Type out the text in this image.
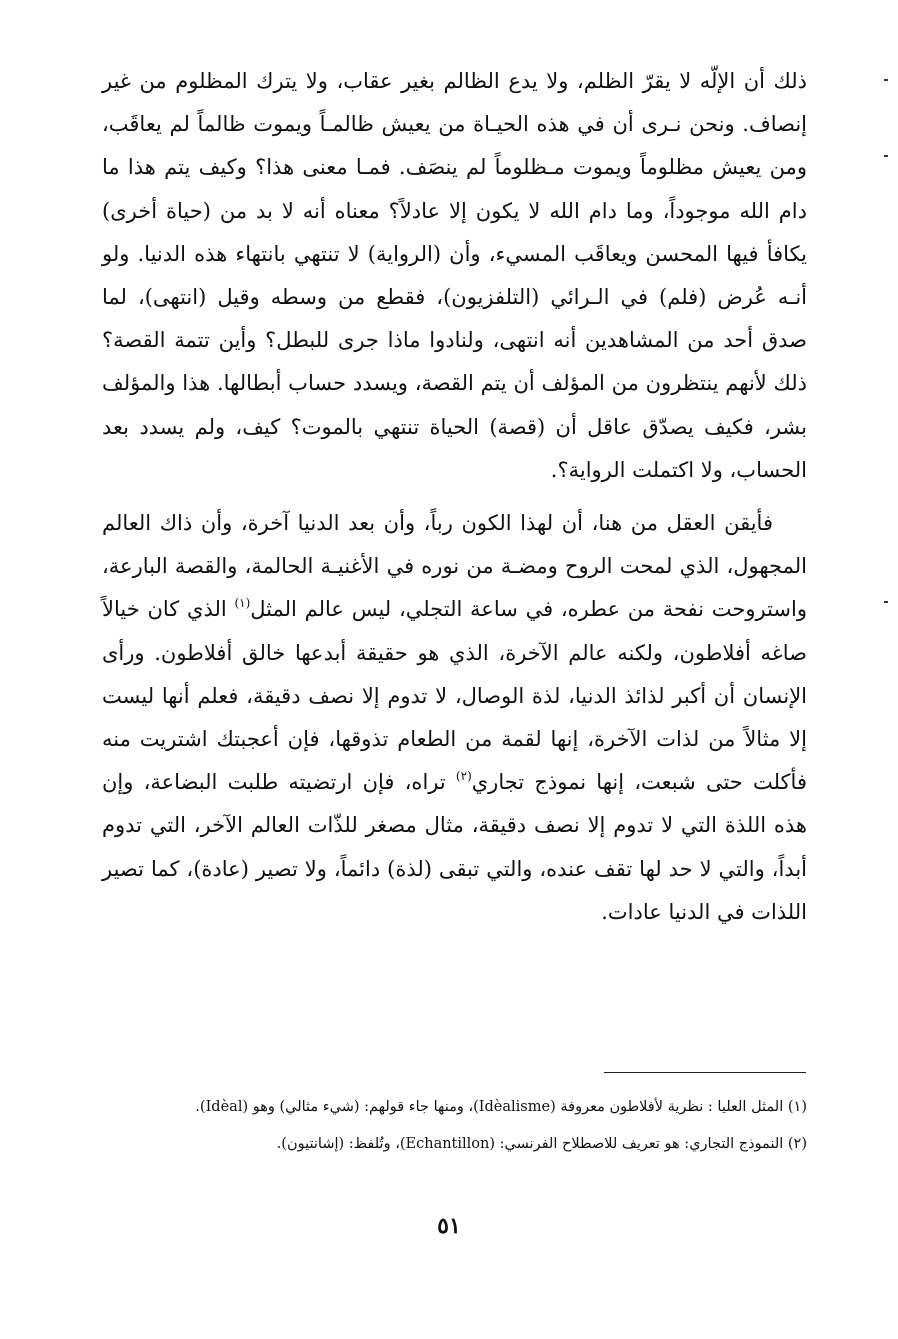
ذلك أن الإلّه لا يقرّ الظلم، ولا يدع الظالم بغير عقاب، ولا يترك المظلوم من غير إنصاف. ونحن نـرى أن في هذه الحيـاة من يعيش ظالمـاً ويموت ظالماً لم يعاقَب، ومن يعيش مظلوماً ويموت مـظلوماً لم ينصَف. فمـا معنى هذا؟ وكيف يتم هذا ما دام الله موجوداً، وما دام الله لا يكون إلا عادلاً؟ معناه أنه لا بد من (حياة أخرى) يكافأ فيها المحسن ويعاقَب المسيء، وأن (الرواية) لا تنتهي بانتهاء هذه الدنيا. ولو أنـه عُرض (فلم) في الـرائي (التلفزيون)، فقطع من وسطه وقيل (انتهى)، لما صدق أحد من المشاهدين أنه انتهى، ولنادوا ماذا جرى للبطل؟ وأين تتمة القصة؟ ذلك لأنهم ينتظرون من المؤلف أن يتم القصة، ويسدد حساب أبطالها. هذا والمؤلف بشر، فكيف يصدّق عاقل أن (قصة) الحياة تنتهي بالموت؟ كيف، ولم يسدد بعد الحساب، ولا اكتملت الرواية؟.

فأيقن العقل من هنا، أن لهذا الكون رباً، وأن بعد الدنيا آخرة، وأن ذاك العالم المجهول، الذي لمحت الروح ومضـة من نوره في الأغنيـة الحالمة، والقصة البارعة، واستروحت نفحة من عطره، في ساعة التجلي، ليس عالم المثل$^{(١)}$ الذي كان خيالاً صاغه أفلاطون، ولكنه عالم الآخرة، الذي هو حقيقة أبدعها خالق أفلاطون. ورأى الإنسان أن أكبر لذائذ الدنيا، لذة الوصال، لا تدوم إلا نصف دقيقة، فعلم أنها ليست إلا مثالاً من لذات الآخرة، إنها لقمة من الطعام تذوقها، فإن أعجبتك اشتريت منه فأكلت حتى شبعت، إنها نموذج تجاري$^{(٢)}$ تراه، فإن ارتضيته طلبت البضاعة، وإن هذه اللذة التي لا تدوم إلا نصف دقيقة، مثال مصغر للذّات العالم الآخر، التي تدوم أبداً، والتي لا حد لها تقف عنده، والتي تبقى (لذة) دائماً، ولا تصير (عادة)، كما تصير اللذات في الدنيا عادات.

(١) المثل العليا : نظرية لأفلاطون معروفة (Idèalisme)، ومنها جاء قولهم: (شيء مثالي) وهو (Idèal).

(٢) النموذج التجاري: هو تعريف للاصطلاح الفرنسي: (Echantillon)، وتُلفظ: (إشانتيون).

٥١
